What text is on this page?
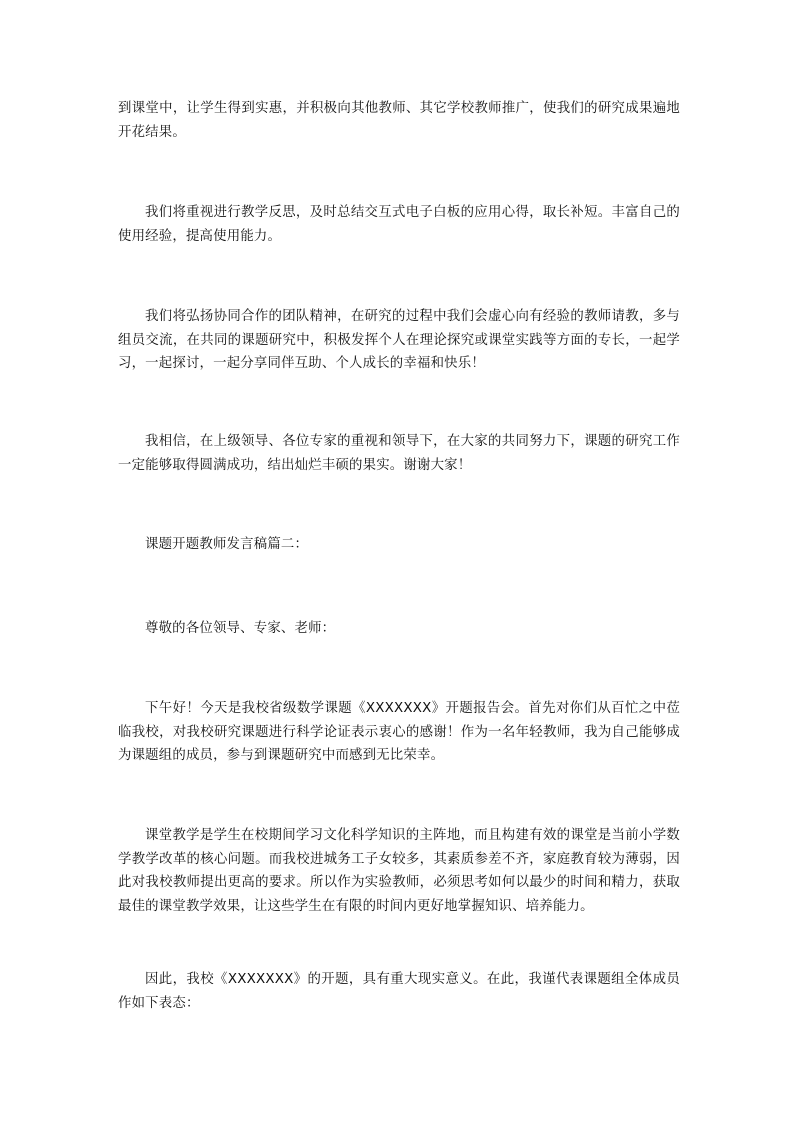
到课堂中，让学生得到实惠，并积极向其他教师、其它学校教师推广，使我们的研究成果遍地开花结果。

我们将重视进行教学反思，及时总结交互式电子白板的应用心得，取长补短。丰富自己的使用经验，提高使用能力。

我们将弘扬协同合作的团队精神，在研究的过程中我们会虚心向有经验的教师请教，多与组员交流，在共同的课题研究中，积极发挥个人在理论探究或课堂实践等方面的专长，一起学习，一起探讨，一起分享同伴互助、个人成长的幸福和快乐！

我相信，在上级领导、各位专家的重视和领导下，在大家的共同努力下，课题的研究工作一定能够取得圆满成功，结出灿烂丰硕的果实。谢谢大家！

课题开题教师发言稿篇二：

尊敬的各位领导、专家、老师：

下午好！今天是我校省级数学课题《XXXXXXX》开题报告会。首先对你们从百忙之中莅临我校，对我校研究课题进行科学论证表示衷心的感谢！作为一名年轻教师，我为自己能够成为课题组的成员，参与到课题研究中而感到无比荣幸。

课堂教学是学生在校期间学习文化科学知识的主阵地，而且构建有效的课堂是当前小学数学教学改革的核心问题。而我校进城务工子女较多，其素质参差不齐，家庭教育较为薄弱，因此对我校教师提出更高的要求。所以作为实验教师，必须思考如何以最少的时间和精力，获取最佳的课堂教学效果，让这些学生在有限的时间内更好地掌握知识、培养能力。

因此，我校《XXXXXXX》的开题，具有重大现实意义。在此，我谨代表课题组全体成员作如下表态：
